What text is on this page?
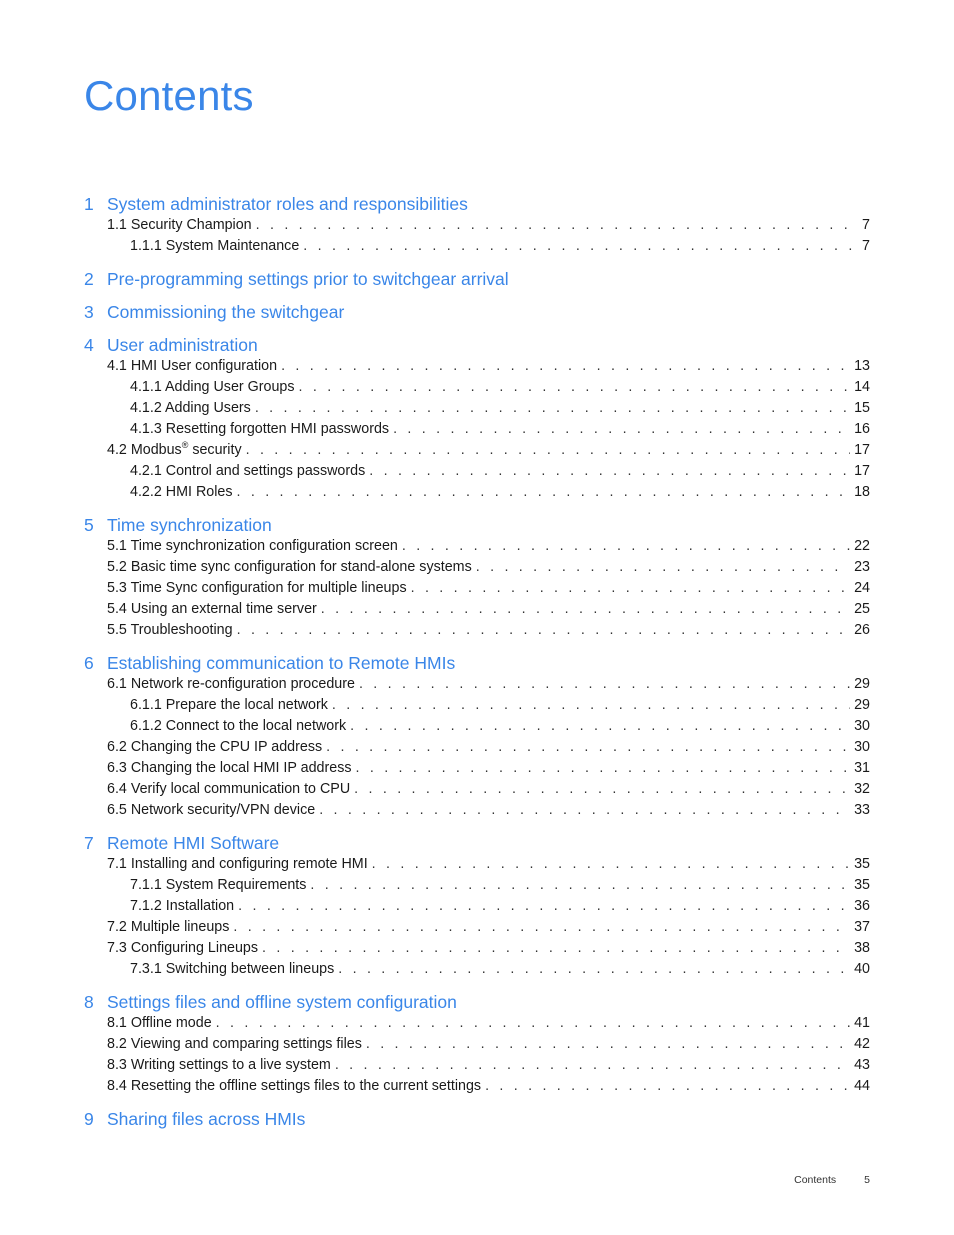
Contents
1 System administrator roles and responsibilities
1.1 Security Champion . . .	7
1.1.1 System Maintenance . . .	7
2 Pre-programming settings prior to switchgear arrival
3 Commissioning the switchgear
4 User administration
4.1 HMI User configuration . . .	13
4.1.1 Adding User Groups . . .	14
4.1.2 Adding Users . . .	15
4.1.3 Resetting forgotten HMI passwords . . .	16
4.2 Modbus® security . . .	17
4.2.1 Control and settings passwords . . .	17
4.2.2 HMI Roles . . .	18
5 Time synchronization
5.1 Time synchronization configuration screen . . .	22
5.2 Basic time sync configuration for stand-alone systems . . .	23
5.3 Time Sync configuration for multiple lineups . . .	24
5.4 Using an external time server . . .	25
5.5 Troubleshooting . . .	26
6 Establishing communication to Remote HMIs
6.1 Network re-configuration procedure . . .	29
6.1.1 Prepare the local network . . .	29
6.1.2 Connect to the local network . . .	30
6.2 Changing the CPU IP address . . .	30
6.3 Changing the local HMI IP address . . .	31
6.4 Verify local communication to CPU . . .	32
6.5 Network security/VPN device . . .	33
7 Remote HMI Software
7.1 Installing and configuring remote HMI . . .	35
7.1.1 System Requirements . . .	35
7.1.2 Installation . . .	36
7.2 Multiple lineups . . .	37
7.3 Configuring Lineups . . .	38
7.3.1 Switching between lineups . . .	40
8 Settings files and offline system configuration
8.1 Offline mode . . .	41
8.2 Viewing and comparing settings files . . .	42
8.3 Writing settings to a live system . . .	43
8.4 Resetting the offline settings files to the current settings . . .	44
9 Sharing files across HMIs
Contents	5
